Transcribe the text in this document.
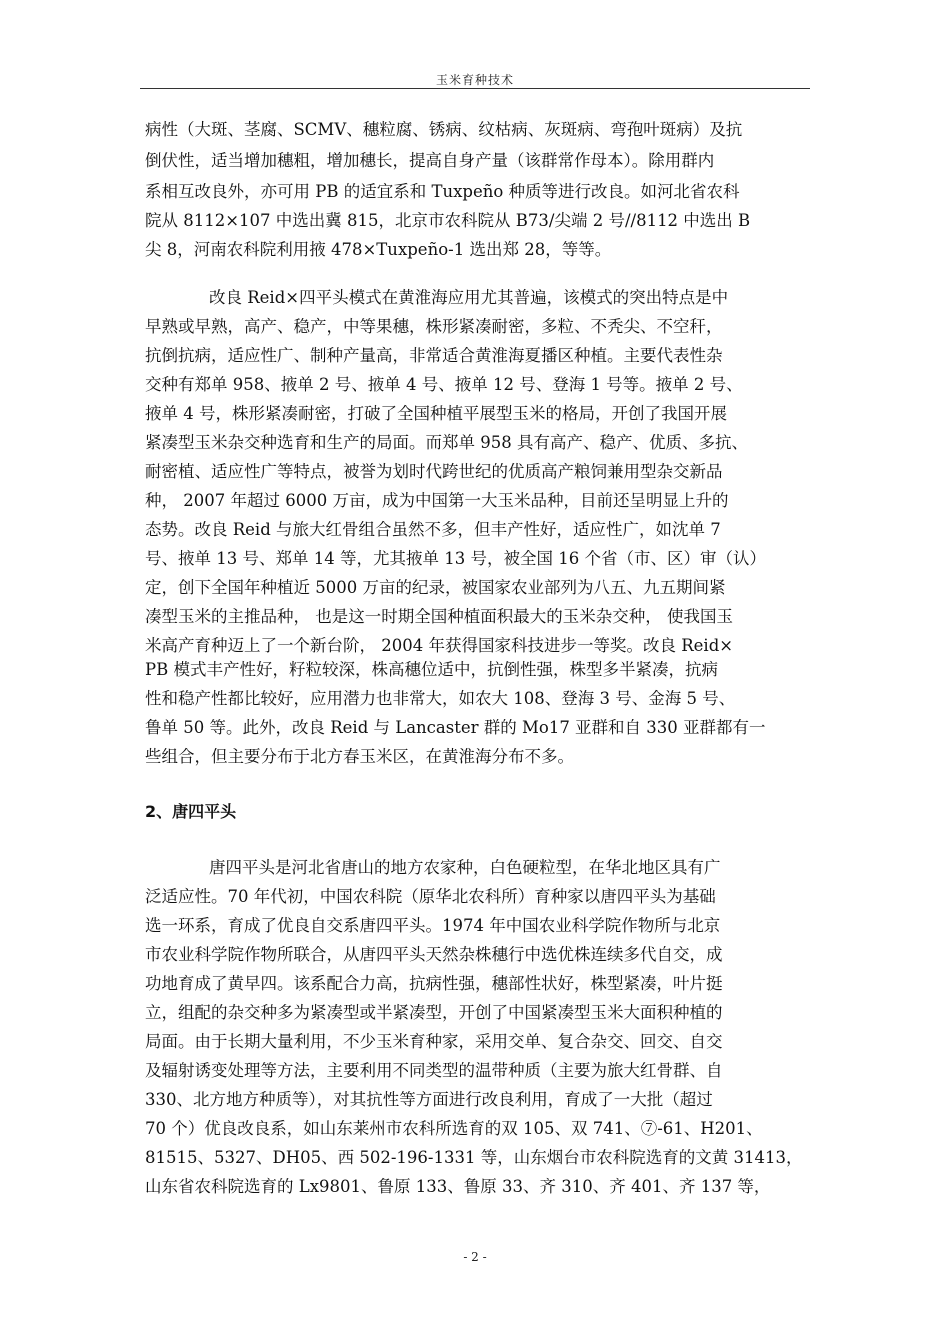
玉米育种技术
病性（大斑、茎腐、SCMV、穗粒腐、锈病、纹枯病、灰斑病、弯孢叶斑病）及抗
倒伏性，适当增加穗粗，增加穗长，提高自身产量（该群常作母本）。除用群内
系相互改良外，亦可用 PB 的适宜系和 Tuxpeño 种质等进行改良。如河北省农科
院从 8112×107 中选出冀 815，北京市农科院从 B73/尖端 2 号//8112 中选出 B
尖 8，河南农科院利用掖 478×Tuxpeño-1 选出郑 28，等等。
改良 Reid×四平头模式在黄淮海应用尤其普遍，该模式的突出特点是中
早熟或早熟，高产、稳产，中等果穗，株形紧凑耐密，多粒、不秃尖、不空秆，
抗倒抗病，适应性广、制种产量高，非常适合黄淮海夏播区种植。主要代表性杂
交种有郑单 958、掖单 2 号、掖单 4 号、掖单 12 号、登海 1 号等。掖单 2 号、
掖单 4 号，株形紧凑耐密，打破了全国种植平展型玉米的格局，开创了我国开展
紧凑型玉米杂交种选育和生产的局面。而郑单 958 具有高产、稳产、优质、多抗、
耐密植、适应性广等特点，被誉为划时代跨世纪的优质高产粮饲兼用型杂交新品
种， 2007 年超过 6000 万亩，成为中国第一大玉米品种，目前还呈明显上升的
态势。改良 Reid 与旅大红骨组合虽然不多，但丰产性好，适应性广，如沈单 7
号、掖单 13 号、郑单 14 等，尤其掖单 13 号，被全国 16 个省（市、区）审（认）
定，创下全国年种植近 5000 万亩的纪录，被国家农业部列为八五、九五期间紧
凑型玉米的主推品种， 也是这一时期全国种植面积最大的玉米杂交种， 使我国玉
米高产育种迈上了一个新台阶， 2004 年获得国家科技进步一等奖。改良 Reid×
PB 模式丰产性好，籽粒较深，株高穗位适中，抗倒性强，株型多半紧凑，抗病
性和稳产性都比较好，应用潜力也非常大，如农大 108、登海 3 号、金海 5 号、
鲁单 50 等。此外，改良 Reid 与 Lancaster 群的 Mo17 亚群和自 330 亚群都有一
些组合，但主要分布于北方春玉米区，在黄淮海分布不多。
2、唐四平头
唐四平头是河北省唐山的地方农家种，白色硬粒型，在华北地区具有广
泛适应性。70 年代初，中国农科院（原华北农科所）育种家以唐四平头为基础
选一环系，育成了优良自交系唐四平头。1974 年中国农业科学院作物所与北京
市农业科学院作物所联合，从唐四平头天然杂株穗行中选优株连续多代自交，成
功地育成了黄早四。该系配合力高，抗病性强，穗部性状好，株型紧凑，叶片挺
立，组配的杂交种多为紧凑型或半紧凑型，开创了中国紧凑型玉米大面积种植的
局面。由于长期大量利用，不少玉米育种家，采用交单、复合杂交、回交、自交
及辐射诱变处理等方法，主要利用不同类型的温带种质（主要为旅大红骨群、自
330、北方地方种质等），对其抗性等方面进行改良利用，育成了一大批（超过
70 个）优良改良系，如山东莱州市农科所选育的双 105、双 741、⑦-61、H201、
81515、5327、DH05、西 502-196-1331 等，山东烟台市农科院选育的文黄 31413，
山东省农科院选育的 Lx9801、鲁原 133、鲁原 33、齐 310、齐 401、齐 137 等，
- 2 -
